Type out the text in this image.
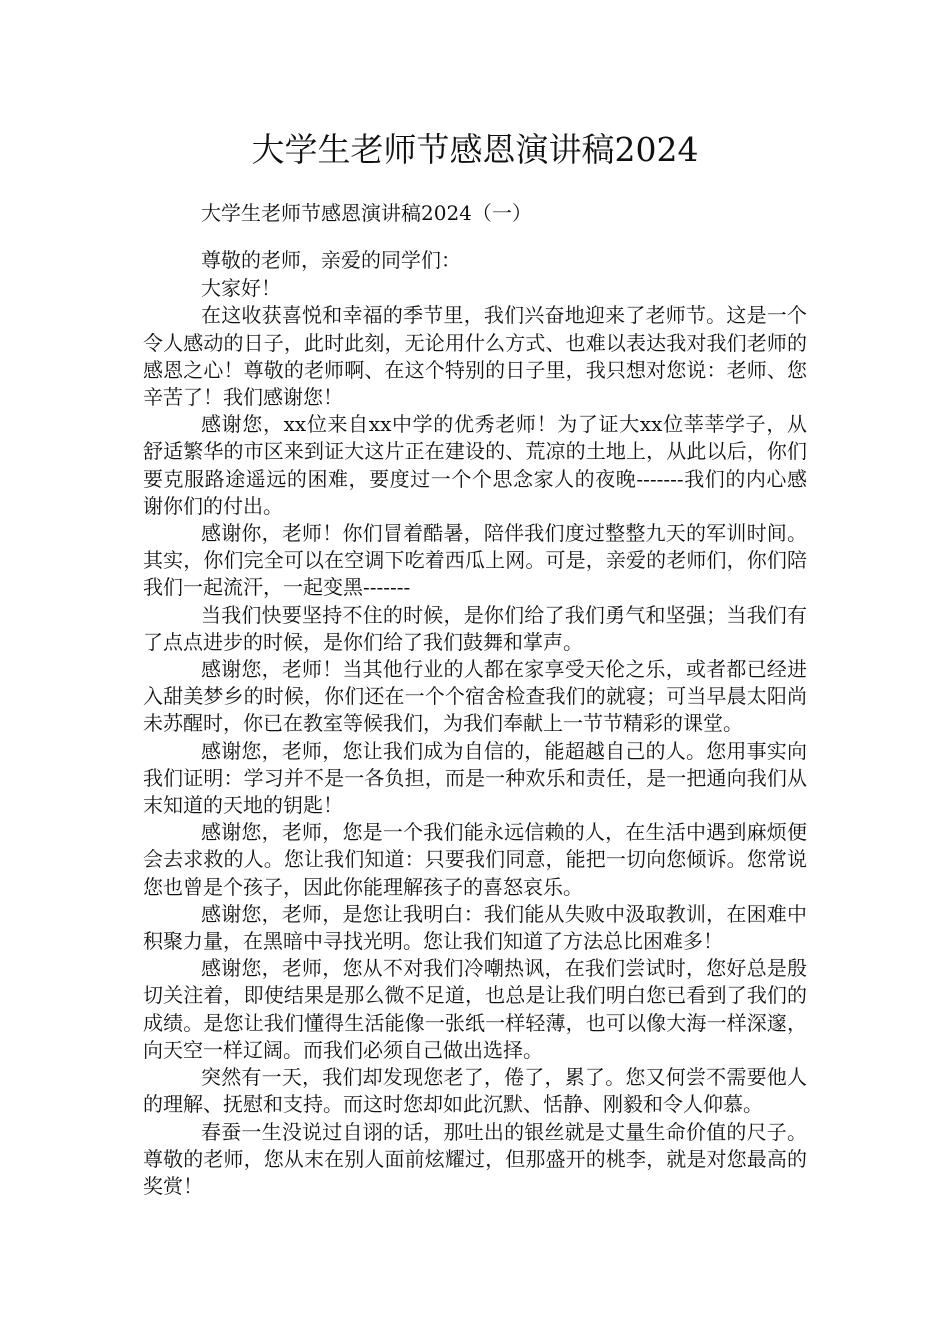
大学生老师节感恩演讲稿2024
大学生老师节感恩演讲稿2024（一）

尊敬的老师，亲爱的同学们：

大家好！

在这收获喜悦和幸福的季节里，我们兴奋地迎来了老师节。这是一个令人感动的日子，此时此刻，无论用什么方式、也难以表达我对我们老师的感恩之心！尊敬的老师啊、在这个特别的日子里，我只想对您说：老师、您辛苦了！我们感谢您！

感谢您，xx位来自xx中学的优秀老师！为了证大xx位莘莘学子，从舒适繁华的市区来到证大这片正在建设的、荒凉的土地上，从此以后，你们要克服路途遥远的困难，要度过一个个思念家人的夜晚-------我们的内心感谢你们的付出。

感谢你，老师！你们冒着酷暑，陪伴我们度过整整九天的军训时间。其实，你们完全可以在空调下吃着西瓜上网。可是，亲爱的老师们，你们陪我们一起流汗，一起变黑-------

当我们快要坚持不住的时候，是你们给了我们勇气和坚强；当我们有了点点进步的时候，是你们给了我们鼓舞和掌声。

感谢您，老师！当其他行业的人都在家享受天伦之乐，或者都已经进入甜美梦乡的时候，你们还在一个个宿舍检查我们的就寝；可当早晨太阳尚未苏醒时，你已在教室等候我们，为我们奉献上一节节精彩的课堂。

感谢您，老师，您让我们成为自信的，能超越自己的人。您用事实向我们证明：学习并不是一各负担，而是一种欢乐和责任，是一把通向我们从末知道的天地的钥匙！

感谢您，老师，您是一个我们能永远信赖的人，在生活中遇到麻烦便会去求救的人。您让我们知道：只要我们同意，能把一切向您倾诉。您常说您也曾是个孩子，因此你能理解孩子的喜怒哀乐。

感谢您，老师，是您让我明白：我们能从失败中汲取教训，在困难中积聚力量，在黑暗中寻找光明。您让我们知道了方法总比困难多！

感谢您，老师，您从不对我们冷嘲热讽，在我们尝试时，您好总是殷切关注着，即使结果是那么微不足道，也总是让我们明白您已看到了我们的成绩。是您让我们懂得生活能像一张纸一样轻薄，也可以像大海一样深邃，向天空一样辽阔。而我们必须自己做出选择。

突然有一天，我们却发现您老了，倦了，累了。您又何尝不需要他人的理解、抚慰和支持。而这时您却如此沉默、恬静、刚毅和令人仰慕。

春蚕一生没说过自诩的话，那吐出的银丝就是丈量生命价值的尺子。尊敬的老师，您从末在别人面前炫耀过，但那盛开的桃李，就是对您最高的奖赏！
